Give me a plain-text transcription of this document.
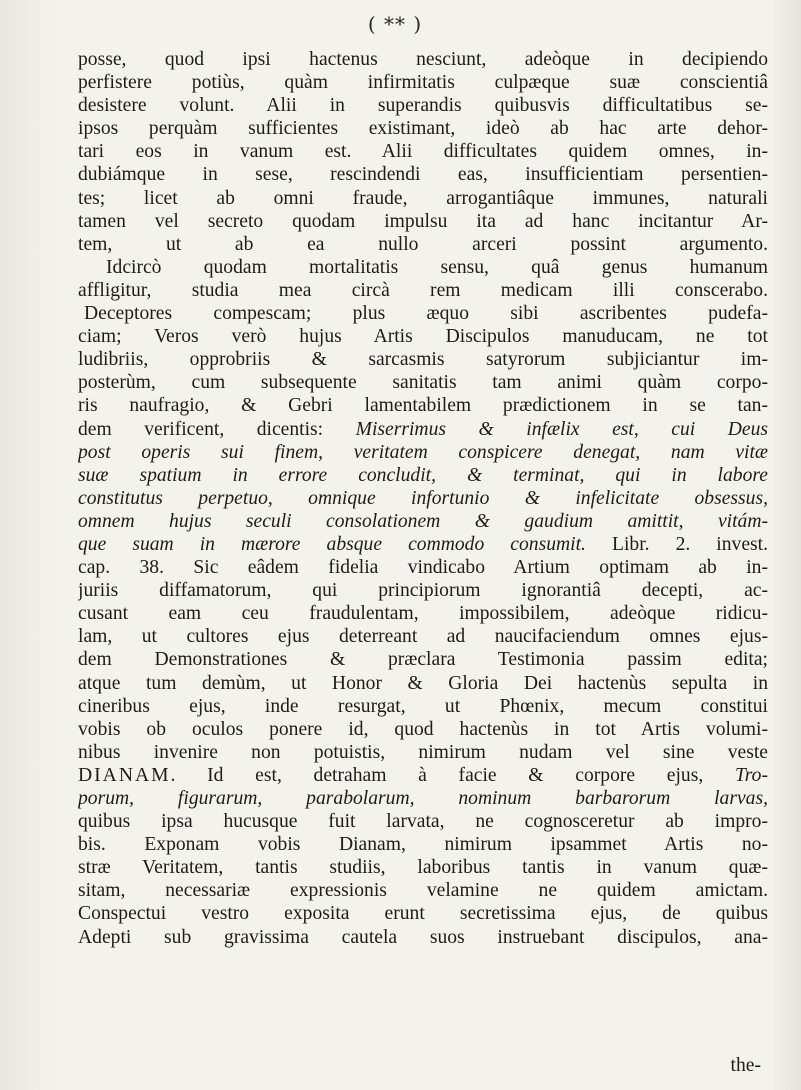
( ** )
posse, quod ipsi hactenus nesciunt, adeòque in decipiendo
perfistere potiùs, quàm infirmitatis culpæque suæ conscientiâ
desistere volunt. Alii in superandis quibusvis difficultatibus se-
ipsos perquàm sufficientes existimant, ideò ab hac arte dehor-
tari eos in vanum est. Alii difficultates quidem omnes, in-
dubiámque in sese, rescindendi eas, insufficientiam persentien-
tes; licet ab omni fraude, arrogantiâque immunes, naturali
tamen vel secreto quodam impulsu ita ad hanc incitantur Ar-
tem, ut ab ea nullo arceri possint argumento.
Idcircò quodam mortalitatis sensu, quâ genus humanum
affligitur, studia mea circà rem medicam illi conscerabo.
Deceptores compescam; plus æquo sibi ascribentes pudefa-
ciam; Veros verò hujus Artis Discipulos manuducam, ne tot
ludibriis, opprobriis & sarcasmis satyrorum subjiciantur im-
posterùm, cum subsequente sanitatis tam animi quàm corpo-
ris naufragio, & Gebri lamentabilem prædictionem in se tan-
dem verificent, dicentis: Miserrimus & infælix est, cui Deus
post operis sui finem, veritatem conspicere denegat, nam vitæ
suæ spatium in errore concludit, & terminat, qui in labore
constitutus perpetuo, omnique infortunio & infelicitate obsessus,
omnem hujus seculi consolationem & gaudium amittit, vitám-
que suam in mærore absque commodo consumit. Libr. 2. invest.
cap. 38. Sic eâdem fidelia vindicabo Artium optimam ab in-
juriis diffamatorum, qui principiorum ignorantiâ decepti, ac-
cusant eam ceu fraudulentam, impossibilem, adeòque ridicu-
lam, ut cultores ejus deterreant ad naucifaciendum omnes ejus-
dem Demonstrationes & præclara Testimonia passim edita;
atque tum demùm, ut Honor & Gloria Dei hactenùs sepulta in
cineribus ejus, inde resurgat, ut Phœnix, mecum constitui
vobis ob oculos ponere id, quod hactenùs in tot Artis volumi-
nibus invenire non potuistis, nimirum nudam vel sine veste
DIANAM. Id est, detraham à facie & corpore ejus, Tro-
porum, figurarum, parabolarum, nominum barbarorum larvas,
quibus ipsa hucusque fuit larvata, ne cognosceretur ab impro-
bis. Exponam vobis Dianam, nimirum ipsammet Artis no-
stræ Veritatem, tantis studiis, laboribus tantis in vanum quæ-
sitam, necessariæ expressionis velamine ne quidem amictam.
Conspectui vestro exposita erunt secretissima ejus, de quibus
Adepti sub gravissima cautela suos instruebant discipulos, ana-
the-
